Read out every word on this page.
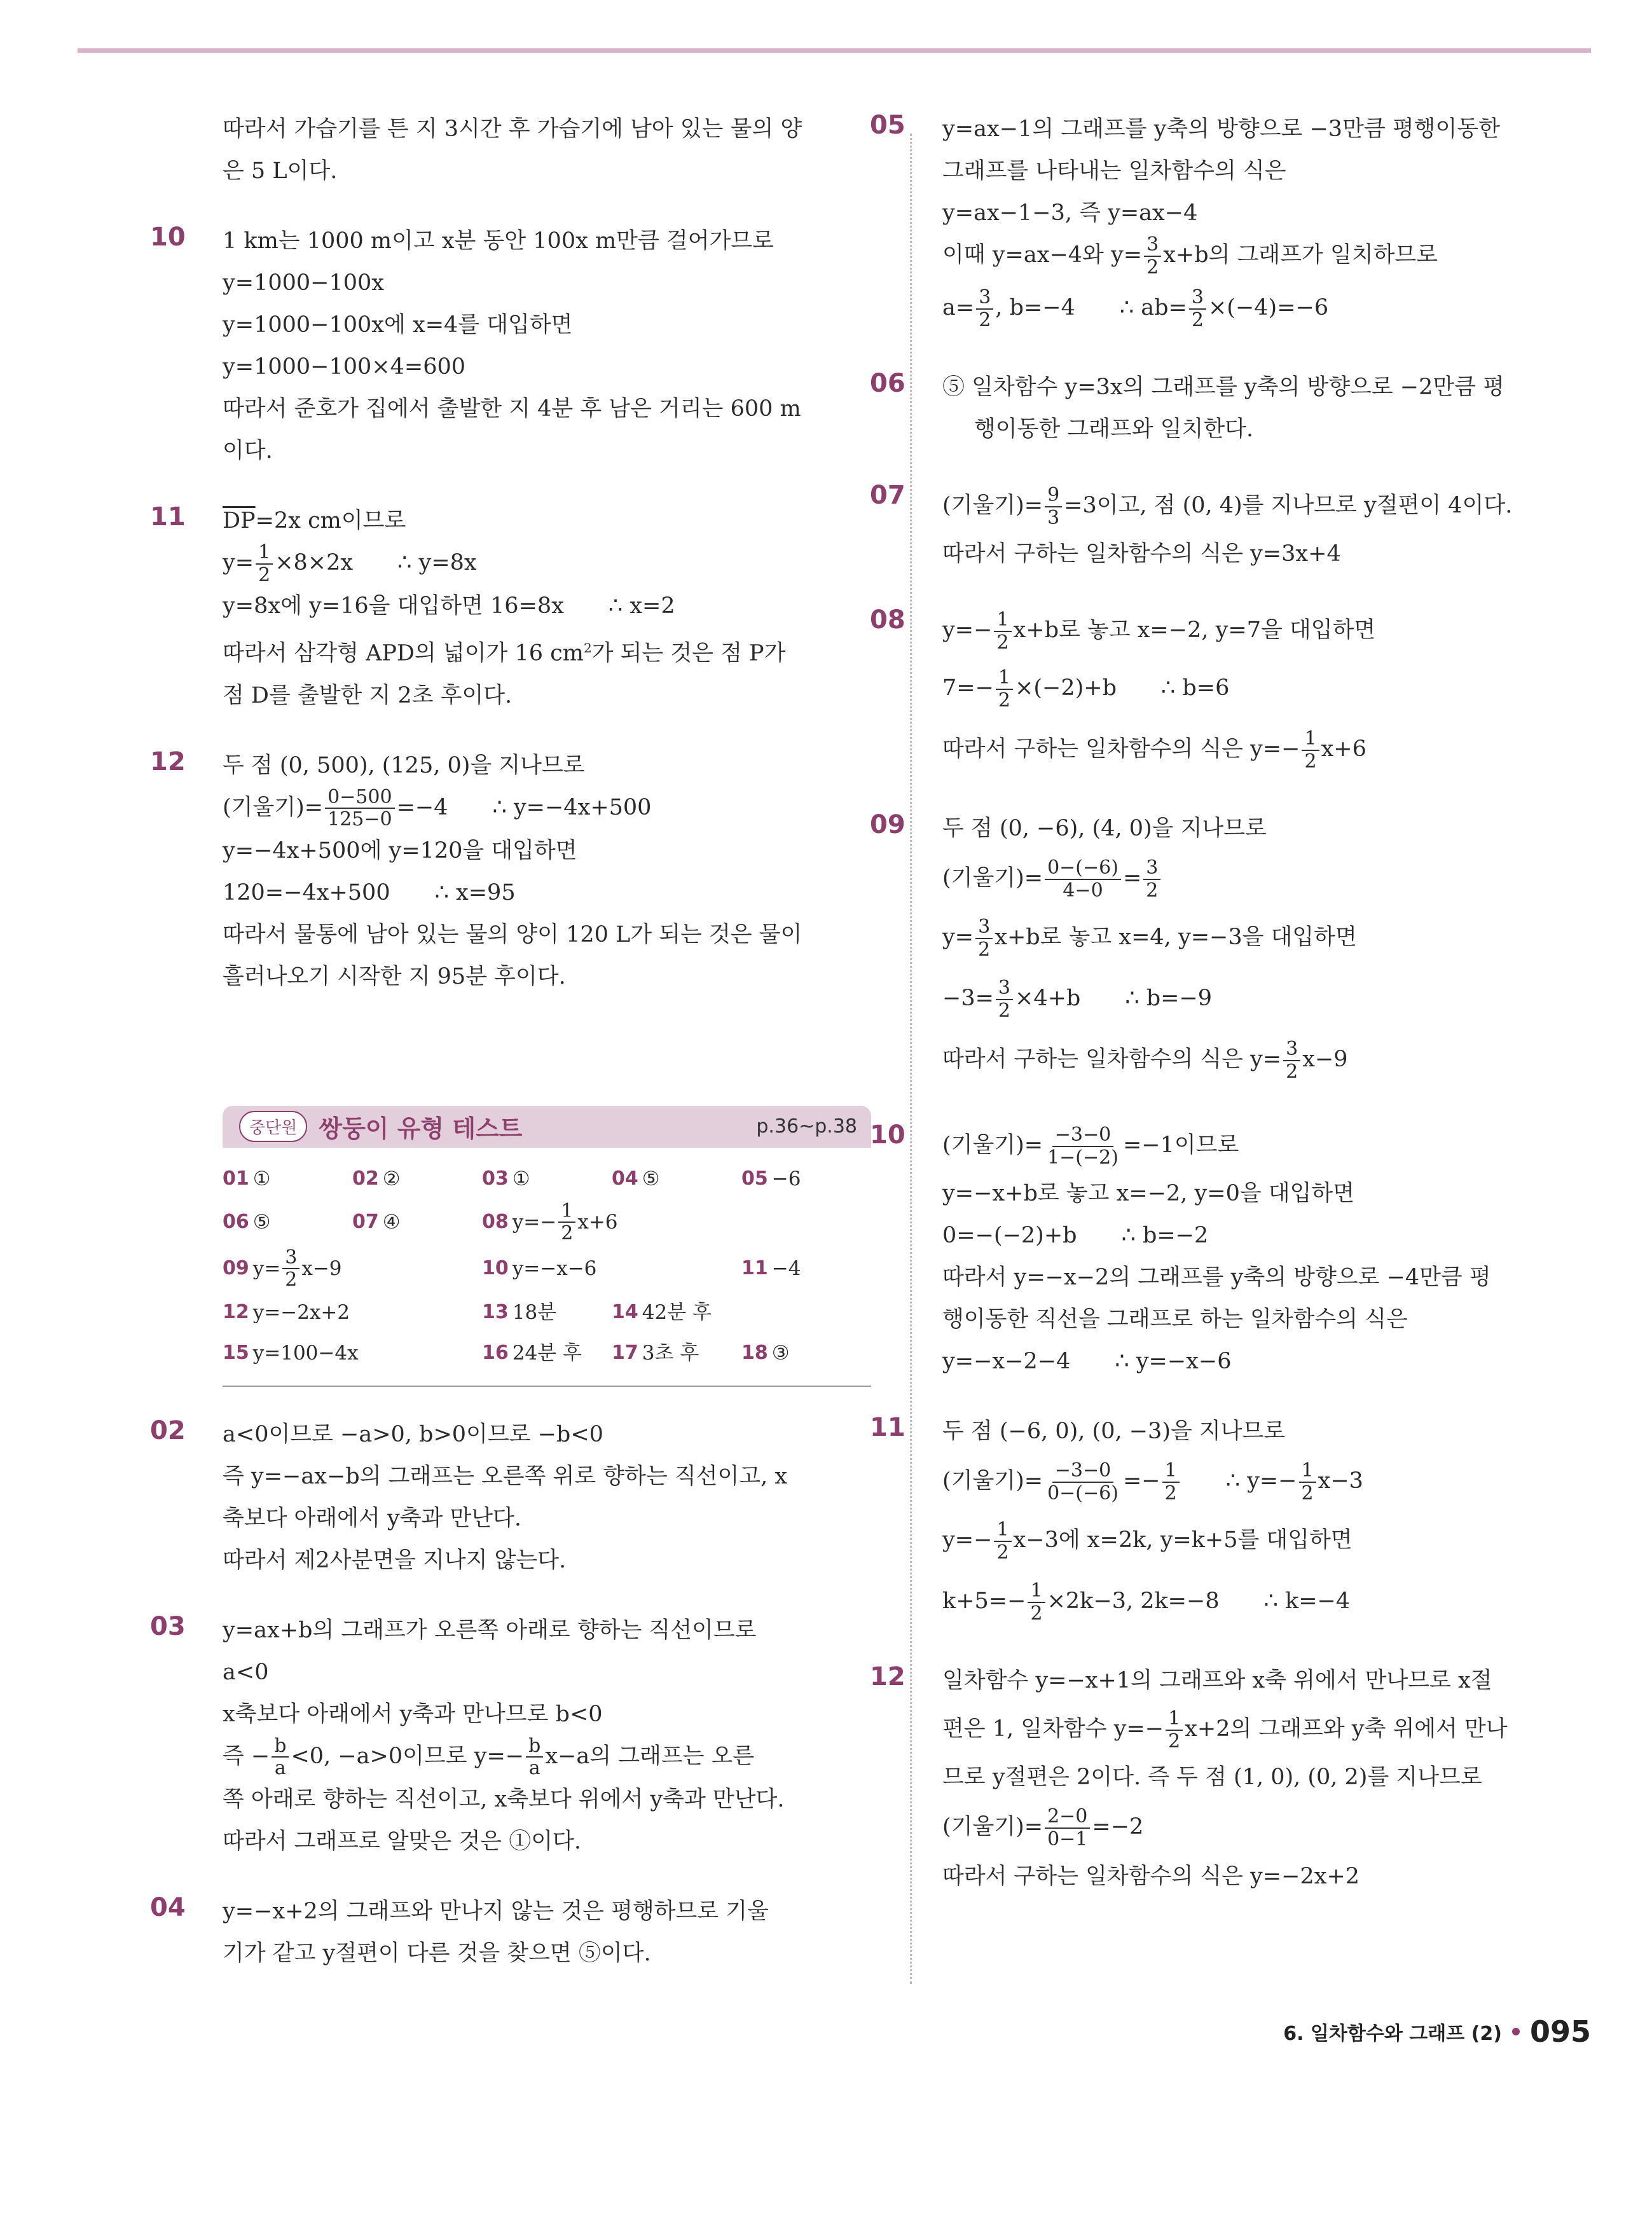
따라서 가습기를 튼 지 3시간 후 가습기에 남아 있는 물의 양
은 5 L이다.
10 1 km는 1000 m이고 x분 동안 100x m만큼 걸어가므로
y=1000−100x
y=1000−100x에 x=4를 대입하면
y=1000−100×4=600
따라서 준호가 집에서 출발한 지 4분 후 남은 거리는 600 m
이다.
11 $\overline{DP}=2x$ cm이므로
$y= \frac{1}{2} \times 8\times 2x$ ∴ y=8x
y=8x에 y=16을 대입하면 16=8x ∴ x=2
따라서 삼각형 APD의 넓이가 16 $cm^2$가 되는 것은 점 P가
점 D를 출발한 지 2초 후이다.
12 두 점 (0, 500), (125, 0)을 지나므로
(기울기)= $\frac{0-500}{125-0} =-4$ ∴ y=−4x+500
y=−4x+500에 y=120을 대입하면
120=−4x+500 ∴ x=95
따라서 물통에 남아 있는 물의 양이 120 L가 되는 것은 물이
흘러나오기 시작한 지 95분 후이다.
중단원 쌍둥이 유형 테스트	p.36~p.38
01 ①	02 ②	03 ①	04 ⑤	05 −6
06 ⑤	07 ④	08 $y=- \frac{1}{2} x+6$
09 $y= \frac{3}{2} x-9$	10 y=−x−6	11 −4
12 y=−2x+2	13 18분	14 42분 후
15 y=100−4x	16 24분 후 17 3초 후 18 ③
02 a<0이므로 −a>0, b>0이므로 −b<0
즉 y=−ax−b의 그래프는 오른쪽 위로 향하는 직선이고, x
축보다 아래에서 y축과 만난다.
따라서 제2사분면을 지나지 않는다.
03 y=ax+b의 그래프가 오른쪽 아래로 향하는 직선이므로
a<0
x축보다 아래에서 y축과 만나므로 b<0
즉 − $\frac{b}{a} <0$, −a>0이므로 $y=- \frac{b}{a} x-a$의 그래프는 오른
쪽 아래로 향하는 직선이고, x축보다 위에서 y축과 만난다.
따라서 그래프로 알맞은 것은 ①이다.
04 y=−x+2의 그래프와 만나지 않는 것은 평행하므로 기울
기가 같고 y절편이 다른 것을 찾으면 ⑤이다.
05 y=ax−1의 그래프를 y축의 방향으로 −3만큼 평행이동한
그래프를 나타내는 일차함수의 식은
y=ax−1−3, 즉 y=ax−4
이때 y=ax−4와 $y= \frac{3}{2} x+b$의 그래프가 일치하므로
$a= \frac{3}{2}$ , b=−4 ∴ $ab= \frac{3}{2} \times(-4)=-6$
06 ⑤ 일차함수 y=3x의 그래프를 y축의 방향으로 −2만큼 평
행이동한 그래프와 일치한다.
07 (기울기)= $\frac{9}{3} =3$이고, 점 (0, 4)를 지나므로 y절편이 4이다.
따라서 구하는 일차함수의 식은 y=3x+4
08 $y=- \frac{1}{2} x+b$로 놓고 x=−2, y=7을 대입하면
$7=- \frac{1}{2} \times(-2)+b$ ∴ b=6
따라서 구하는 일차함수의 식은 $y=- \frac{1}{2} x+6$
09 두 점 (0, −6), (4, 0)을 지나므로
(기울기)= $\frac{0-(-6)}{4-0} = \frac{3}{2}$
$y= \frac{3}{2} x+b$로 놓고 x=4, y=−3을 대입하면
$-3= \frac{3}{2} \times 4+b$ ∴ b=−9
따라서 구하는 일차함수의 식은 $y= \frac{3}{2} x-9$
10 (기울기)= $\frac{-3-0}{1-(-2)} =-1$이므로
y=−x+b로 놓고 x=−2, y=0을 대입하면
0=−(−2)+b ∴ b=−2
따라서 y=−x−2의 그래프를 y축의 방향으로 −4만큼 평
행이동한 직선을 그래프로 하는 일차함수의 식은
y=−x−2−4 ∴ y=−x−6
11 두 점 (−6, 0), (0, −3)을 지나므로
(기울기)= $\frac{-3-0}{0-(-6)} =- \frac{1}{2}$ ∴ $y=- \frac{1}{2} x-3$
$y=- \frac{1}{2} x-3$에 x=2k, y=k+5를 대입하면
$k+5=- \frac{1}{2} \times 2k-3$, 2k=−8 ∴ k=−4
12 일차함수 y=−x+1의 그래프와 x축 위에서 만나므로 x절
편은 1, 일차함수 $y=- \frac{1}{2} x+2$의 그래프와 y축 위에서 만나
므로 y절편은 2이다. 즉 두 점 (1, 0), (0, 2)를 지나므로
(기울기)= $\frac{2-0}{0-1} =-2$
따라서 구하는 일차함수의 식은 y=−2x+2
6. 일차함수와 그래프 (2) 095
